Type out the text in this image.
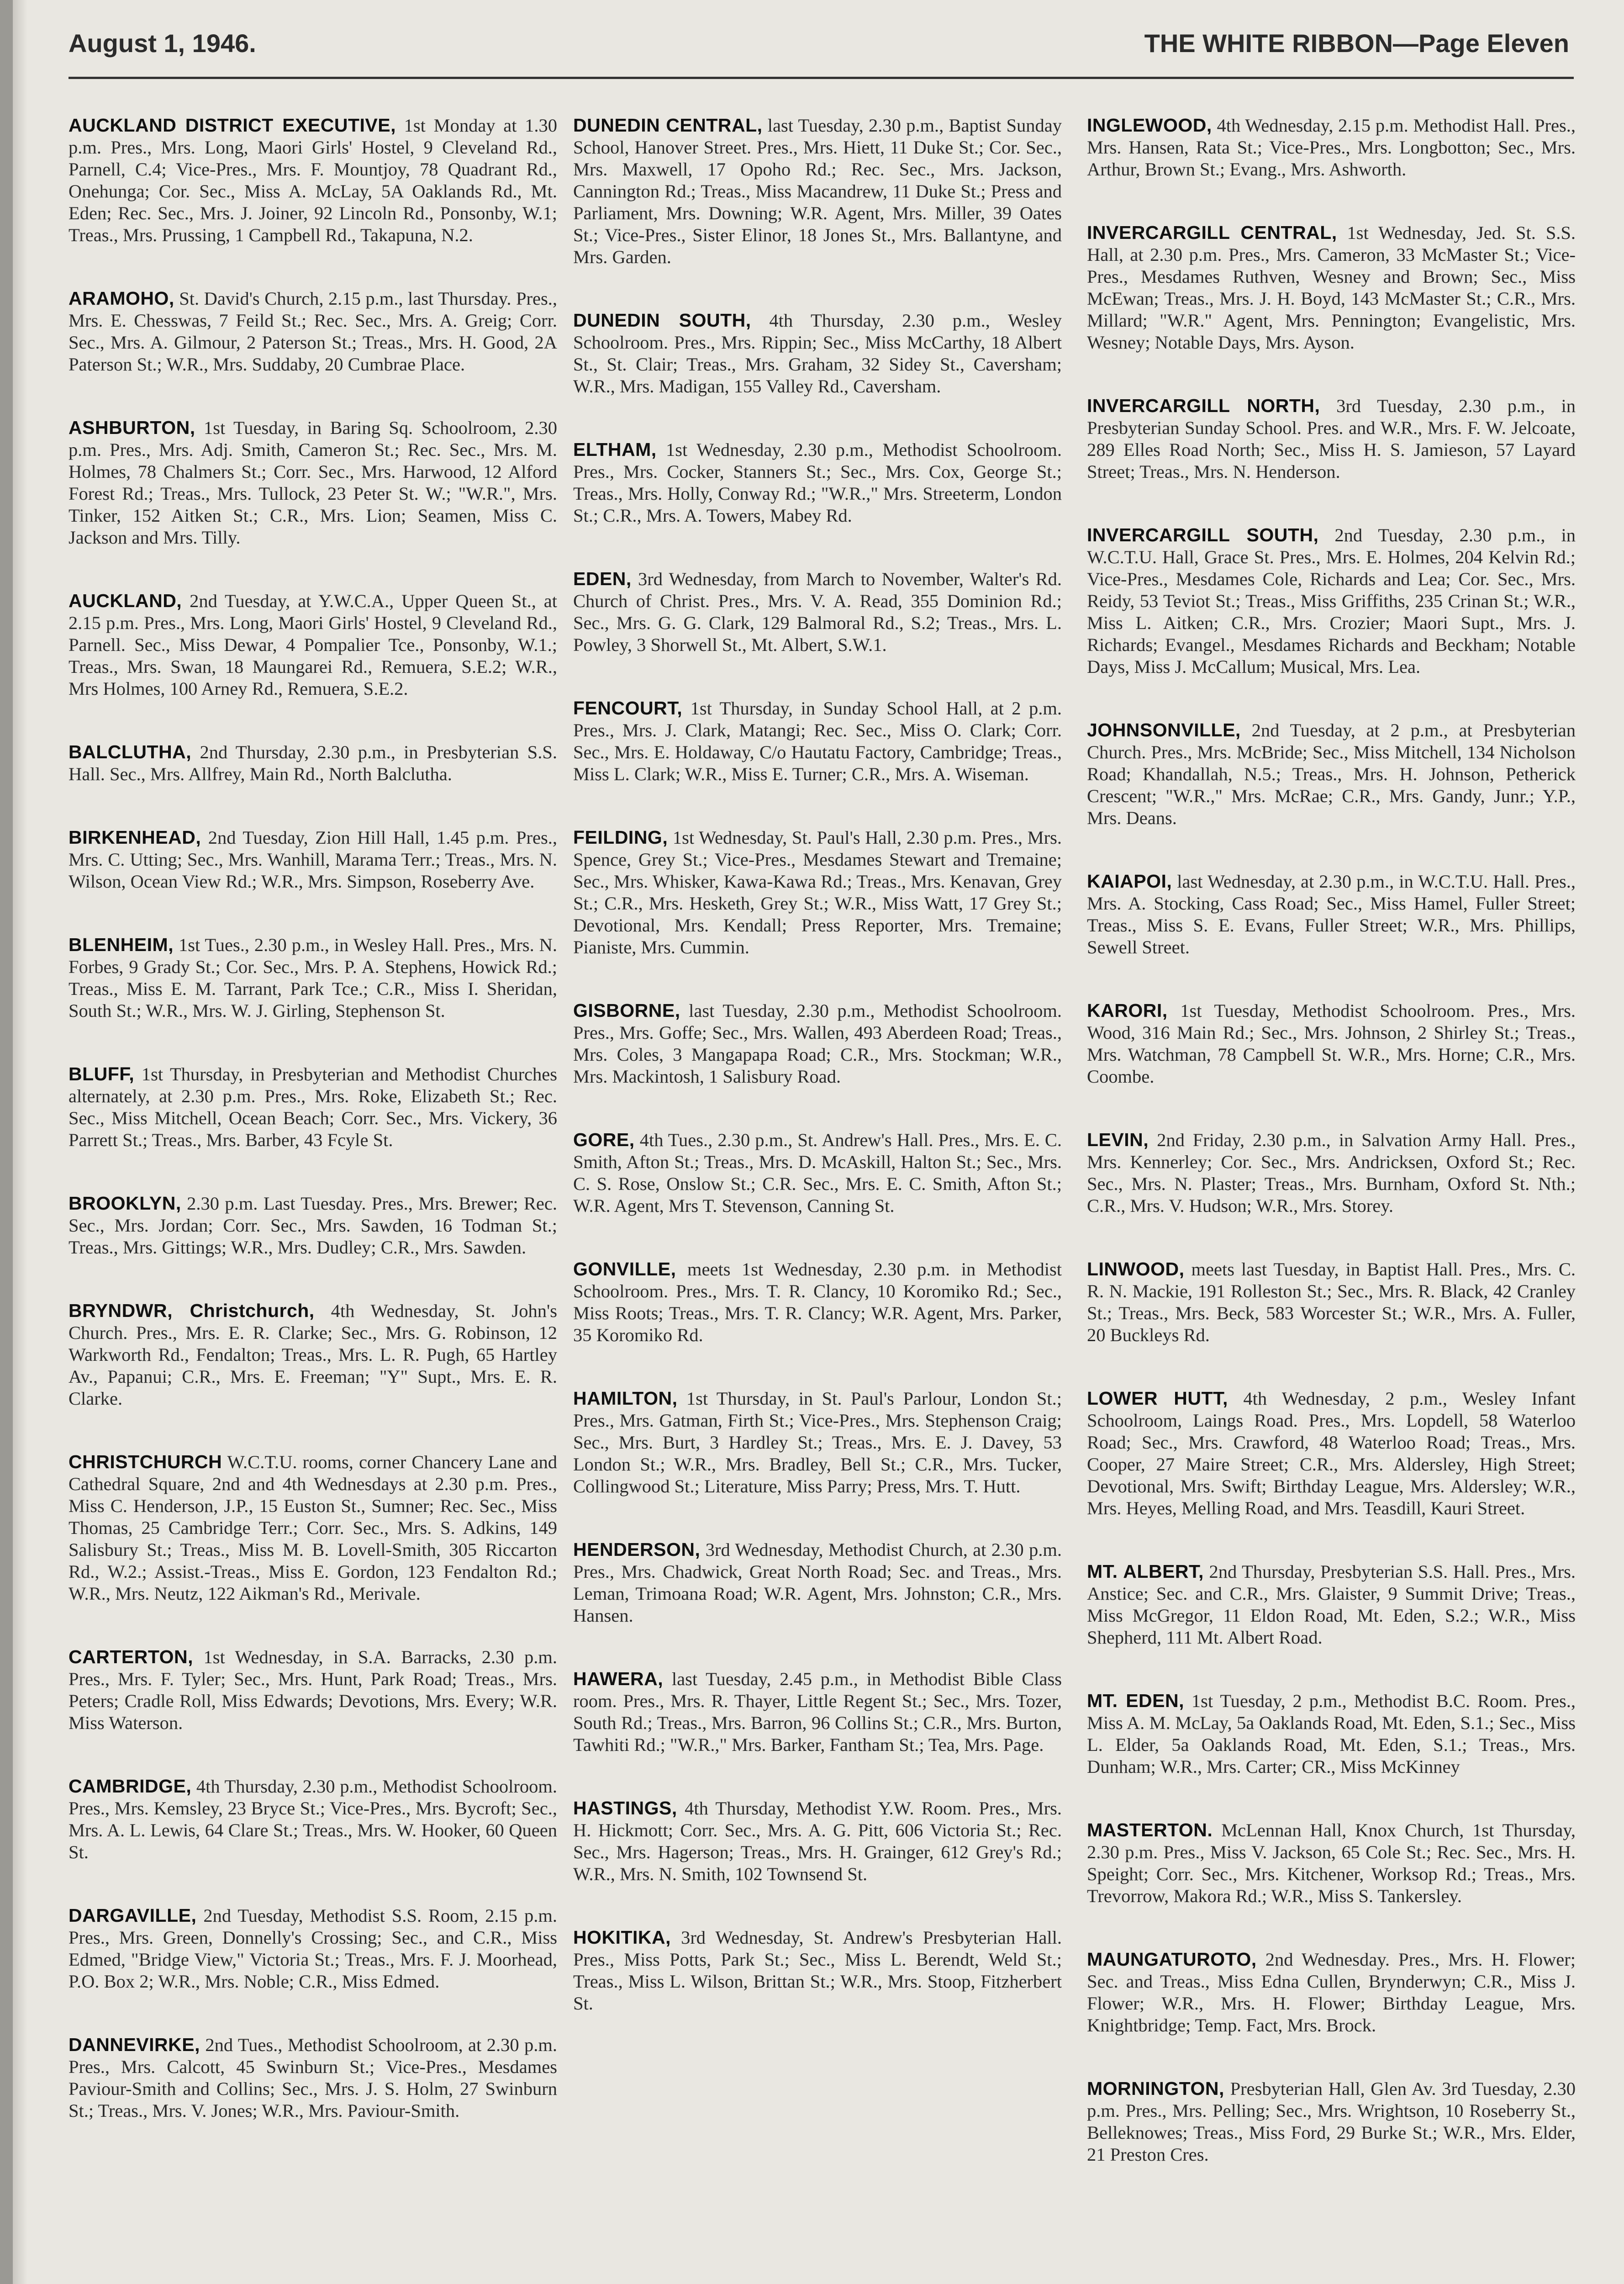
August 1, 1946.	THE WHITE RIBBON—Page Eleven

AUCKLAND DISTRICT EXECUTIVE, 1st Monday at 1.30 p.m. Pres., Mrs. Long, Maori Girls' Hostel, 9 Cleveland Rd., Parnell, C.4; Vice-Pres., Mrs. F. Mountjoy, 78 Quadrant Rd., Onehunga; Cor. Sec., Miss A. McLay, 5A Oaklands Rd., Mt. Eden; Rec. Sec., Mrs. J. Joiner, 92 Lincoln Rd., Ponsonby, W.1; Treas., Mrs. Prussing, 1 Campbell Rd., Takapuna, N.2.

ARAMOHO, St. David's Church, 2.15 p.m., last Thursday. Pres., Mrs. E. Chesswas, 7 Feild St.; Rec. Sec., Mrs. A. Greig; Corr. Sec., Mrs. A. Gilmour, 2 Paterson St.; Treas., Mrs. H. Good, 2A Paterson St.; W.R., Mrs. Suddaby, 20 Cumbrae Place.

ASHBURTON, 1st Tuesday, in Baring Sq. Schoolroom, 2.30 p.m. Pres., Mrs. Adj. Smith, Cameron St.; Rec. Sec., Mrs. M. Holmes, 78 Chalmers St.; Corr. Sec., Mrs. Harwood, 12 Alford Forest Rd.; Treas., Mrs. Tullock, 23 Peter St. W.; "W.R.", Mrs. Tinker, 152 Aitken St.; C.R., Mrs. Lion; Seamen, Miss C. Jackson and Mrs. Tilly.

AUCKLAND, 2nd Tuesday, at Y.W.C.A., Upper Queen St., at 2.15 p.m. Pres., Mrs. Long, Maori Girls' Hostel, 9 Cleveland Rd., Parnell. Sec., Miss Dewar, 4 Pompalier Tce., Ponsonby, W.1.; Treas., Mrs. Swan, 18 Maungarei Rd., Remuera, S.E.2; W.R., Mrs Holmes, 100 Arney Rd., Remuera, S.E.2.

BALCLUTHA, 2nd Thursday, 2.30 p.m., in Presbyterian S.S. Hall. Sec., Mrs. Allfrey, Main Rd., North Balclutha.

BIRKENHEAD, 2nd Tuesday, Zion Hill Hall, 1.45 p.m. Pres., Mrs. C. Utting; Sec., Mrs. Wanhill, Marama Terr.; Treas., Mrs. N. Wilson, Ocean View Rd.; W.R., Mrs. Simpson, Roseberry Ave.

BLENHEIM, 1st Tues., 2.30 p.m., in Wesley Hall. Pres., Mrs. N. Forbes, 9 Grady St.; Cor. Sec., Mrs. P. A. Stephens, Howick Rd.; Treas., Miss E. M. Tarrant, Park Tce.; C.R., Miss I. Sheridan, South St.; W.R., Mrs. W. J. Girling, Stephenson St.

BLUFF, 1st Thursday, in Presbyterian and Methodist Churches alternately, at 2.30 p.m. Pres., Mrs. Roke, Elizabeth St.; Rec. Sec., Miss Mitchell, Ocean Beach; Corr. Sec., Mrs. Vickery, 36 Parrett St.; Treas., Mrs. Barber, 43 Fcyle St.

BROOKLYN, 2.30 p.m. Last Tuesday. Pres., Mrs. Brewer; Rec. Sec., Mrs. Jordan; Corr. Sec., Mrs. Sawden, 16 Todman St.; Treas., Mrs. Gittings; W.R., Mrs. Dudley; C.R., Mrs. Sawden.

BRYNDWR, Christchurch, 4th Wednesday, St. John's Church. Pres., Mrs. E. R. Clarke; Sec., Mrs. G. Robinson, 12 Warkworth Rd., Fendalton; Treas., Mrs. L. R. Pugh, 65 Hartley Av., Papanui; C.R., Mrs. E. Freeman; "Y" Supt., Mrs. E. R. Clarke.

CHRISTCHURCH W.C.T.U. rooms, corner Chancery Lane and Cathedral Square, 2nd and 4th Wednesdays at 2.30 p.m. Pres., Miss C. Henderson, J.P., 15 Euston St., Sumner; Rec. Sec., Miss Thomas, 25 Cambridge Terr.; Corr. Sec., Mrs. S. Adkins, 149 Salisbury St.; Treas., Miss M. B. Lovell-Smith, 305 Riccarton Rd., W.2.; Assist.-Treas., Miss E. Gordon, 123 Fendalton Rd.; W.R., Mrs. Neutz, 122 Aikman's Rd., Merivale.

CARTERTON, 1st Wednesday, in S.A. Barracks, 2.30 p.m. Pres., Mrs. F. Tyler; Sec., Mrs. Hunt, Park Road; Treas., Mrs. Peters; Cradle Roll, Miss Edwards; Devotions, Mrs. Every; W.R. Miss Waterson.

CAMBRIDGE, 4th Thursday, 2.30 p.m., Methodist Schoolroom. Pres., Mrs. Kemsley, 23 Bryce St.; Vice-Pres., Mrs. Bycroft; Sec., Mrs. A. L. Lewis, 64 Clare St.; Treas., Mrs. W. Hooker, 60 Queen St.

DARGAVILLE, 2nd Tuesday, Methodist S.S. Room, 2.15 p.m. Pres., Mrs. Green, Donnelly's Crossing; Sec., and C.R., Miss Edmed, "Bridge View," Victoria St.; Treas., Mrs. F. J. Moorhead, P.O. Box 2; W.R., Mrs. Noble; C.R., Miss Edmed.

DANNEVIRKE, 2nd Tues., Methodist Schoolroom, at 2.30 p.m. Pres., Mrs. Calcott, 45 Swinburn St.; Vice-Pres., Mesdames Paviour-Smith and Collins; Sec., Mrs. J. S. Holm, 27 Swinburn St.; Treas., Mrs. V. Jones; W.R., Mrs. Paviour-Smith.

DUNEDIN CENTRAL, last Tuesday, 2.30 p.m., Baptist Sunday School, Hanover Street. Pres., Mrs. Hiett, 11 Duke St.; Cor. Sec., Mrs. Maxwell, 17 Opoho Rd.; Rec. Sec., Mrs. Jackson, Cannington Rd.; Treas., Miss Macandrew, 11 Duke St.; Press and Parliament, Mrs. Downing; W.R. Agent, Mrs. Miller, 39 Oates St.; Vice-Pres., Sister Elinor, 18 Jones St., Mrs. Ballantyne, and Mrs. Garden.

DUNEDIN SOUTH, 4th Thursday, 2.30 p.m., Wesley Schoolroom. Pres., Mrs. Rippin; Sec., Miss McCarthy, 18 Albert St., St. Clair; Treas., Mrs. Graham, 32 Sidey St., Caversham; W.R., Mrs. Madigan, 155 Valley Rd., Caversham.

ELTHAM, 1st Wednesday, 2.30 p.m., Methodist Schoolroom. Pres., Mrs. Cocker, Stanners St.; Sec., Mrs. Cox, George St.; Treas., Mrs. Holly, Conway Rd.; "W.R.," Mrs. Streeterm, London St.; C.R., Mrs. A. Towers, Mabey Rd.

EDEN, 3rd Wednesday, from March to November, Walter's Rd. Church of Christ. Pres., Mrs. V. A. Read, 355 Dominion Rd.; Sec., Mrs. G. G. Clark, 129 Balmoral Rd., S.2; Treas., Mrs. L. Powley, 3 Shorwell St., Mt. Albert, S.W.1.

FENCOURT, 1st Thursday, in Sunday School Hall, at 2 p.m. Pres., Mrs. J. Clark, Matangi; Rec. Sec., Miss O. Clark; Corr. Sec., Mrs. E. Holdaway, C/o Hautatu Factory, Cambridge; Treas., Miss L. Clark; W.R., Miss E. Turner; C.R., Mrs. A. Wiseman.

FEILDING, 1st Wednesday, St. Paul's Hall, 2.30 p.m. Pres., Mrs. Spence, Grey St.; Vice-Pres., Mesdames Stewart and Tremaine; Sec., Mrs. Whisker, Kawa-Kawa Rd.; Treas., Mrs. Kenavan, Grey St.; C.R., Mrs. Hesketh, Grey St.; W.R., Miss Watt, 17 Grey St.; Devotional, Mrs. Kendall; Press Reporter, Mrs. Tremaine; Pianiste, Mrs. Cummin.

GISBORNE, last Tuesday, 2.30 p.m., Methodist Schoolroom. Pres., Mrs. Goffe; Sec., Mrs. Wallen, 493 Aberdeen Road; Treas., Mrs. Coles, 3 Mangapapa Road; C.R., Mrs. Stockman; W.R., Mrs. Mackintosh, 1 Salisbury Road.

GORE, 4th Tues., 2.30 p.m., St. Andrew's Hall. Pres., Mrs. E. C. Smith, Afton St.; Treas., Mrs. D. McAskill, Halton St.; Sec., Mrs. C. S. Rose, Onslow St.; C.R. Sec., Mrs. E. C. Smith, Afton St.; W.R. Agent, Mrs T. Stevenson, Canning St.

GONVILLE, meets 1st Wednesday, 2.30 p.m. in Methodist Schoolroom. Pres., Mrs. T. R. Clancy, 10 Koromiko Rd.; Sec., Miss Roots; Treas., Mrs. T. R. Clancy; W.R. Agent, Mrs. Parker, 35 Koromiko Rd.

HAMILTON, 1st Thursday, in St. Paul's Parlour, London St.; Pres., Mrs. Gatman, Firth St.; Vice-Pres., Mrs. Stephenson Craig; Sec., Mrs. Burt, 3 Hardley St.; Treas., Mrs. E. J. Davey, 53 London St.; W.R., Mrs. Bradley, Bell St.; C.R., Mrs. Tucker, Collingwood St.; Literature, Miss Parry; Press, Mrs. T. Hutt.

HENDERSON, 3rd Wednesday, Methodist Church, at 2.30 p.m. Pres., Mrs. Chadwick, Great North Road; Sec. and Treas., Mrs. Leman, Trimoana Road; W.R. Agent, Mrs. Johnston; C.R., Mrs. Hansen.

HAWERA, last Tuesday, 2.45 p.m., in Methodist Bible Class room. Pres., Mrs. R. Thayer, Little Regent St.; Sec., Mrs. Tozer, South Rd.; Treas., Mrs. Barron, 96 Collins St.; C.R., Mrs. Burton, Tawhiti Rd.; "W.R.," Mrs. Barker, Fantham St.; Tea, Mrs. Page.

HASTINGS, 4th Thursday, Methodist Y.W. Room. Pres., Mrs. H. Hickmott; Corr. Sec., Mrs. A. G. Pitt, 606 Victoria St.; Rec. Sec., Mrs. Hagerson; Treas., Mrs. H. Grainger, 612 Grey's Rd.; W.R., Mrs. N. Smith, 102 Townsend St.

HOKITIKA, 3rd Wednesday, St. Andrew's Presbyterian Hall. Pres., Miss Potts, Park St.; Sec., Miss L. Berendt, Weld St.; Treas., Miss L. Wilson, Brittan St.; W.R., Mrs. Stoop, Fitzherbert St.

INGLEWOOD, 4th Wednesday, 2.15 p.m. Methodist Hall. Pres., Mrs. Hansen, Rata St.; Vice-Pres., Mrs. Longbotton; Sec., Mrs. Arthur, Brown St.; Evang., Mrs. Ashworth.

INVERCARGILL CENTRAL, 1st Wednesday, Jed. St. S.S. Hall, at 2.30 p.m. Pres., Mrs. Cameron, 33 McMaster St.; Vice-Pres., Mesdames Ruthven, Wesney and Brown; Sec., Miss McEwan; Treas., Mrs. J. H. Boyd, 143 McMaster St.; C.R., Mrs. Millard; "W.R." Agent, Mrs. Pennington; Evangelistic, Mrs. Wesney; Notable Days, Mrs. Ayson.

INVERCARGILL NORTH, 3rd Tuesday, 2.30 p.m., in Presbyterian Sunday School. Pres. and W.R., Mrs. F. W. Jelcoate, 289 Elles Road North; Sec., Miss H. S. Jamieson, 57 Layard Street; Treas., Mrs. N. Henderson.

INVERCARGILL SOUTH, 2nd Tuesday, 2.30 p.m., in W.C.T.U. Hall, Grace St. Pres., Mrs. E. Holmes, 204 Kelvin Rd.; Vice-Pres., Mesdames Cole, Richards and Lea; Cor. Sec., Mrs. Reidy, 53 Teviot St.; Treas., Miss Griffiths, 235 Crinan St.; W.R., Miss L. Aitken; C.R., Mrs. Crozier; Maori Supt., Mrs. J. Richards; Evangel., Mesdames Richards and Beckham; Notable Days, Miss J. McCallum; Musical, Mrs. Lea.

JOHNSONVILLE, 2nd Tuesday, at 2 p.m., at Presbyterian Church. Pres., Mrs. McBride; Sec., Miss Mitchell, 134 Nicholson Road; Khandallah, N.5.; Treas., Mrs. H. Johnson, Petherick Crescent; "W.R.," Mrs. McRae; C.R., Mrs. Gandy, Junr.; Y.P., Mrs. Deans.

KAIAPOI, last Wednesday, at 2.30 p.m., in W.C.T.U. Hall. Pres., Mrs. A. Stocking, Cass Road; Sec., Miss Hamel, Fuller Street; Treas., Miss S. E. Evans, Fuller Street; W.R., Mrs. Phillips, Sewell Street.

KARORI, 1st Tuesday, Methodist Schoolroom. Pres., Mrs. Wood, 316 Main Rd.; Sec., Mrs. Johnson, 2 Shirley St.; Treas., Mrs. Watchman, 78 Campbell St. W.R., Mrs. Horne; C.R., Mrs. Coombe.

LEVIN, 2nd Friday, 2.30 p.m., in Salvation Army Hall. Pres., Mrs. Kennerley; Cor. Sec., Mrs. Andricksen, Oxford St.; Rec. Sec., Mrs. N. Plaster; Treas., Mrs. Burnham, Oxford St. Nth.; C.R., Mrs. V. Hudson; W.R., Mrs. Storey.

LINWOOD, meets last Tuesday, in Baptist Hall. Pres., Mrs. C. R. N. Mackie, 191 Rolleston St.; Sec., Mrs. R. Black, 42 Cranley St.; Treas., Mrs. Beck, 583 Worcester St.; W.R., Mrs. A. Fuller, 20 Buckleys Rd.

LOWER HUTT, 4th Wednesday, 2 p.m., Wesley Infant Schoolroom, Laings Road. Pres., Mrs. Lopdell, 58 Waterloo Road; Sec., Mrs. Crawford, 48 Waterloo Road; Treas., Mrs. Cooper, 27 Maire Street; C.R., Mrs. Aldersley, High Street; Devotional, Mrs. Swift; Birthday League, Mrs. Aldersley; W.R., Mrs. Heyes, Melling Road, and Mrs. Teasdill, Kauri Street.

MT. ALBERT, 2nd Thursday, Presbyterian S.S. Hall. Pres., Mrs. Anstice; Sec. and C.R., Mrs. Glaister, 9 Summit Drive; Treas., Miss McGregor, 11 Eldon Road, Mt. Eden, S.2.; W.R., Miss Shepherd, 111 Mt. Albert Road.

MT. EDEN, 1st Tuesday, 2 p.m., Methodist B.C. Room. Pres., Miss A. M. McLay, 5a Oaklands Road, Mt. Eden, S.1.; Sec., Miss L. Elder, 5a Oaklands Road, Mt. Eden, S.1.; Treas., Mrs. Dunham; W.R., Mrs. Carter; CR., Miss McKinney

MASTERTON. McLennan Hall, Knox Church, 1st Thursday, 2.30 p.m. Pres., Miss V. Jackson, 65 Cole St.; Rec. Sec., Mrs. H. Speight; Corr. Sec., Mrs. Kitchener, Worksop Rd.; Treas., Mrs. Trevorrow, Makora Rd.; W.R., Miss S. Tankersley.

MAUNGATUROTO, 2nd Wednesday. Pres., Mrs. H. Flower; Sec. and Treas., Miss Edna Cullen, Brynderwyn; C.R., Miss J. Flower; W.R., Mrs. H. Flower; Birthday League, Mrs. Knightbridge; Temp. Fact, Mrs. Brock.

MORNINGTON, Presbyterian Hall, Glen Av. 3rd Tuesday, 2.30 p.m. Pres., Mrs. Pelling; Sec., Mrs. Wrightson, 10 Roseberry St., Belleknowes; Treas., Miss Ford, 29 Burke St.; W.R., Mrs. Elder, 21 Preston Cres.
